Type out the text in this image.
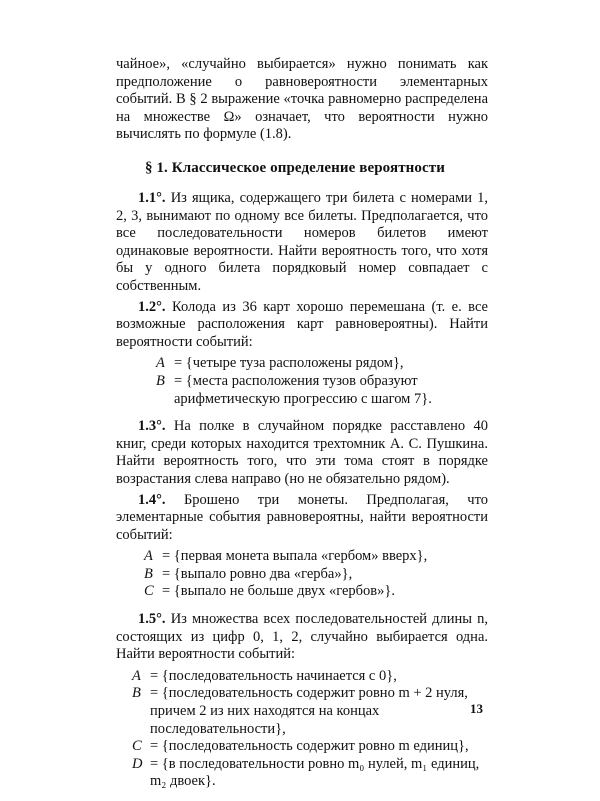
чайное», «случайно выбирается» нужно понимать как предположение о равновероятности элементарных событий. В § 2 выражение «точка равномерно распределена на множестве Ω» означает, что вероятности нужно вычислять по формуле (1.8).

§ 1. Классическое определение вероятности

1.1°. Из ящика, содержащего три билета с номерами 1, 2, 3, вынимают по одному все билеты. Предполагается, что все последовательности номеров билетов имеют одинаковые вероятности. Найти вероятность того, что хотя бы у одного билета порядковый номер совпадает с собственным.

1.2°. Колода из 36 карт хорошо перемешана (т. е. все возможные расположения карт равновероятны). Найти вероятности событий:

A = {четыре туза расположены рядом},
B = {места расположения тузов образуют арифметическую прогрессию с шагом 7}.

1.3°. На полке в случайном порядке расставлено 40 книг, среди которых находится трехтомник А. С. Пушкина. Найти вероятность того, что эти тома стоят в порядке возрастания слева направо (но не обязательно рядом).

1.4°. Брошено три монеты. Предполагая, что элементарные события равновероятны, найти вероятности событий:

A = {первая монета выпала «гербом» вверх},
B = {выпало ровно два «герба»},
C = {выпало не больше двух «гербов»}.

1.5°. Из множества всех последовательностей длины n, состоящих из цифр 0, 1, 2, случайно выбирается одна. Найти вероятности событий:

A = {последовательность начинается с 0},
B = {последовательность содержит ровно m + 2 нуля, причем 2 из них находятся на концах последовательности},
C = {последовательность содержит ровно m единиц},
D = {в последовательности ровно m₀ нулей, m₁ единиц, m₂ двоек}.
13
